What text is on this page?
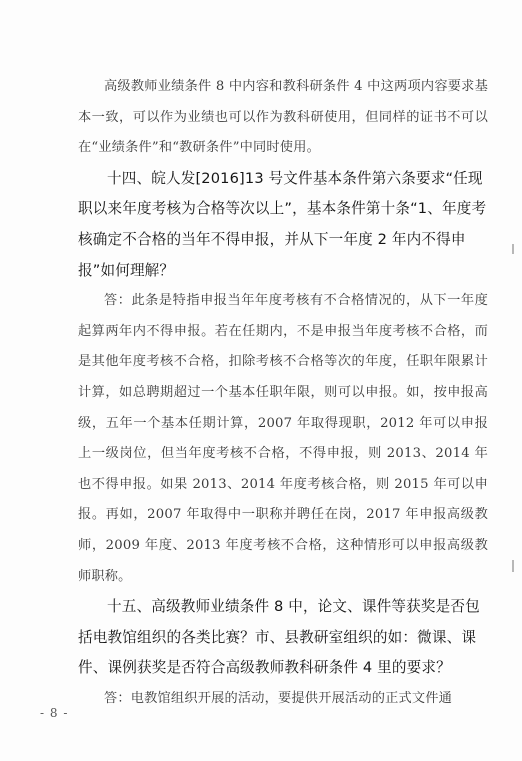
高级教师业绩条件 8 中内容和教科研条件 4 中这两项内容要求基本一致，可以作为业绩也可以作为教科研使用，但同样的证书不可以在“业绩条件”和“教研条件”中同时使用。

十四、皖人发[2016]13 号文件基本条件第六条要求“任现职以来年度考核为合格等次以上”，基本条件第十条“1、年度考核确定不合格的当年不得申报，并从下一年度 2 年内不得申报”如何理解？

答：此条是特指申报当年年度考核有不合格情况的，从下一年度起算两年内不得申报。若在任期内，不是申报当年度考核不合格，而是其他年度考核不合格，扣除考核不合格等次的年度，任职年限累计计算，如总聘期超过一个基本任职年限，则可以申报。如，按申报高级，五年一个基本任期计算，2007 年取得现职，2012 年可以申报上一级岗位，但当年度考核不合格，不得申报，则 2013、2014 年也不得申报。如果 2013、2014 年度考核合格，则 2015 年可以申报。再如，2007 年取得中一职称并聘任在岗，2017 年申报高级教师，2009 年度、2013 年度考核不合格，这种情形可以申报高级教师职称。

十五、高级教师业绩条件 8 中，论文、课件等获奖是否包括电教馆组织的各类比赛？市、县教研室组织的如：微课、课件、课例获奖是否符合高级教师教科研条件 4 里的要求？

答：电教馆组织开展的活动，要提供开展活动的正式文件通

- 8 -
